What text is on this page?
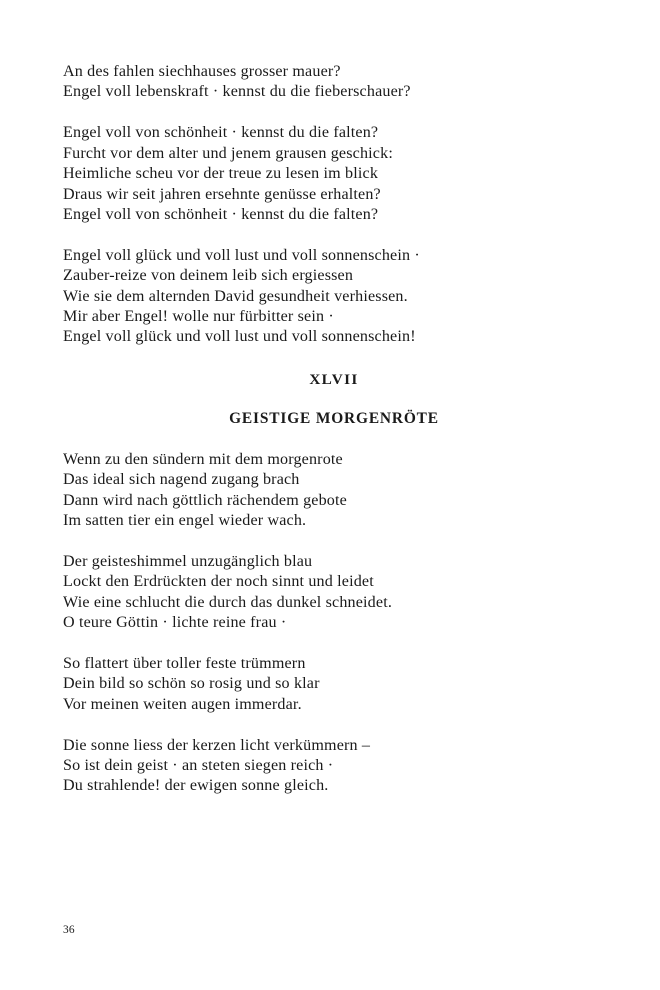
An des fahlen siechhauses grosser mauer?
Engel voll lebenskraft · kennst du die fieberschauer?
Engel voll von schönheit · kennst du die falten?
Furcht vor dem alter und jenem grausen geschick:
Heimliche scheu vor der treue zu lesen im blick
Draus wir seit jahren ersehnte genüsse erhalten?
Engel voll von schönheit · kennst du die falten?
Engel voll glück und voll lust und voll sonnenschein ·
Zauber-reize von deinem leib sich ergiessen
Wie sie dem alternden David gesundheit verhiessen.
Mir aber Engel! wolle nur fürbitter sein ·
Engel voll glück und voll lust und voll sonnenschein!
XLVII
GEISTIGE MORGENRÖTE
Wenn zu den sündern mit dem morgenrote
Das ideal sich nagend zugang brach
Dann wird nach göttlich rächendem gebote
Im satten tier ein engel wieder wach.
Der geisteshimmel unzugänglich blau
Lockt den Erdrückten der noch sinnt und leidet
Wie eine schlucht die durch das dunkel schneidet.
O teure Göttin · lichte reine frau ·
So flattert über toller feste trümmern
Dein bild so schön so rosig und so klar
Vor meinen weiten augen immerdar.
Die sonne liess der kerzen licht verkümmern –
So ist dein geist · an steten siegen reich ·
Du strahlende! der ewigen sonne gleich.
36
